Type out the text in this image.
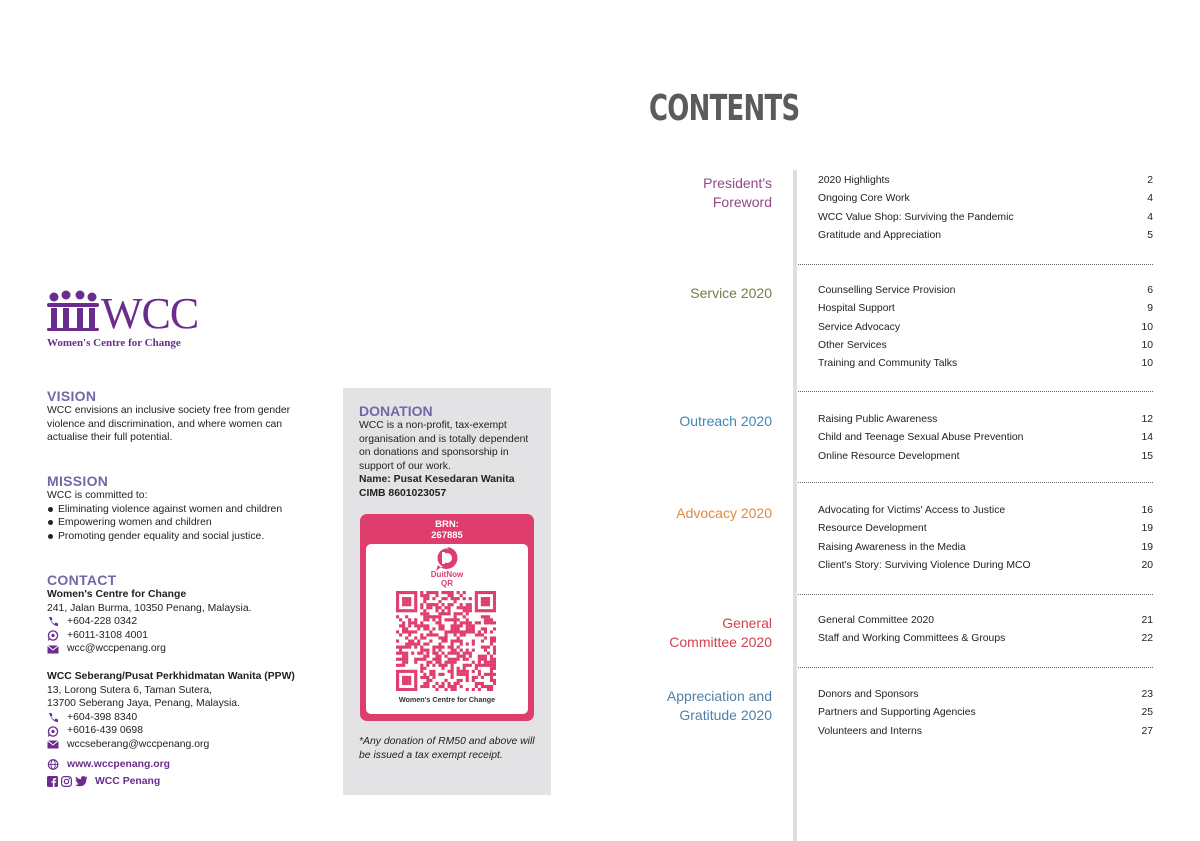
WCC
Women's Centre for Change
VISION
WCC envisions an inclusive society free from gender violence and discrimination, and where women can actualise their full potential.
MISSION
WCC is committed to:
Eliminating violence against women and children
Empowering women and children
Promoting gender equality and social justice.
CONTACT
Women's Centre for Change
241, Jalan Burma, 10350 Penang, Malaysia.
+604-228 0342
+6011-3108 4001
wcc@wccpenang.org
WCC Seberang/Pusat Perkhidmatan Wanita (PPW)
13, Lorong Sutera 6, Taman Sutera,
13700 Seberang Jaya, Penang, Malaysia.
+604-398 8340
+6016-439 0698
wccseberang@wccpenang.org
www.wccpenang.org
WCC Penang
DONATION
WCC is a non-profit, tax-exempt organisation and is totally dependent on donations and sponsorship in support of our work.
Name: Pusat Kesedaran Wanita
CIMB 8601023057
BRN:
267885
DuitNow
QR
Women's Centre for Change
*Any donation of RM50 and above will be issued a tax exempt receipt.
CONTENTS
President's
Foreword
2020 Highlights	2
Ongoing Core Work	4
WCC Value Shop: Surviving the Pandemic	4
Gratitude and Appreciation	5
Service 2020	Counselling Service Provision	6
Hospital Support	9
Service Advocacy	10
Other Services	10
Training and Community Talks	10
Outreach 2020	Raising Public Awareness	12
Child and Teenage Sexual Abuse Prevention	14
Online Resource Development	15
Advocacy 2020	Advocating for Victims' Access to Justice	16
Resource Development	19
Raising Awareness in the Media	19
Client's Story: Surviving Violence During MCO	20
General
Committee 2020
General Committee 2020	21
Staff and Working Committees & Groups	22
Appreciation and
Gratitude 2020
Donors and Sponsors	23
Partners and Supporting Agencies	25
Volunteers and Interns	27
